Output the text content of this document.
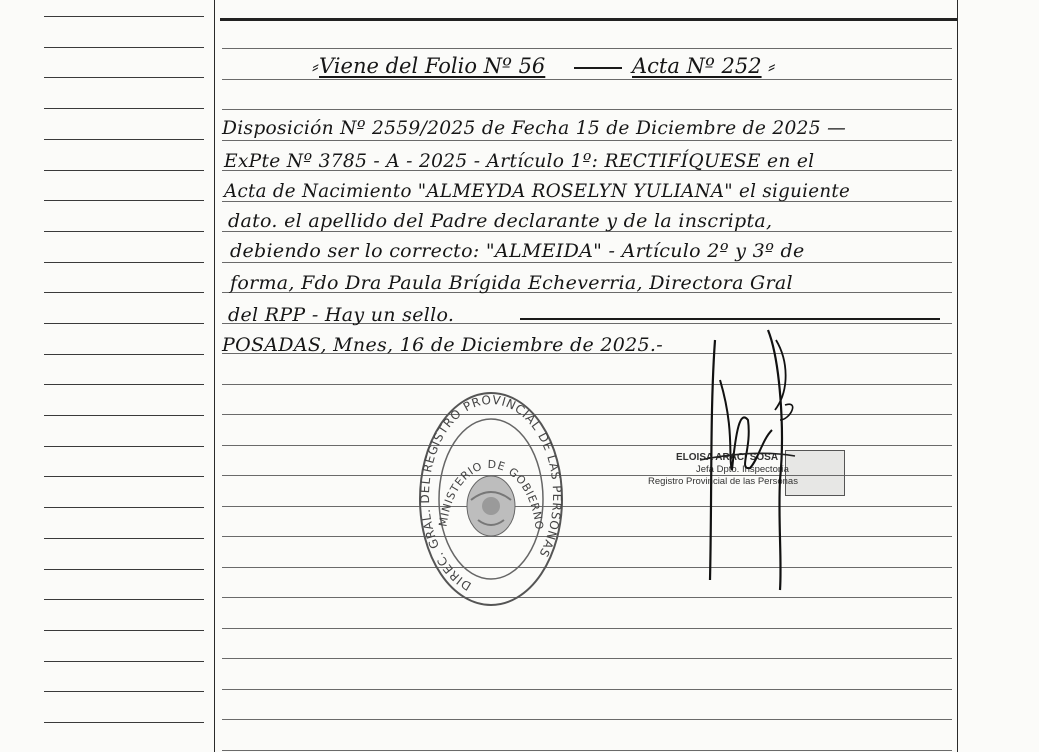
⸗Viene del Folio Nº 56	Acta Nº 252 ⸗
Disposición Nº 2559/2025 de Fecha 15 de Diciembre de 2025 —
ExPte Nº 3785 - A - 2025 - Artículo 1º: RECTIFÍQUESE en el
Acta de Nacimiento "ALMEYDA ROSELYN YULIANA" el siguiente
dato. el apellido del Padre declarante y de la inscripta,
debiendo ser lo correcto: "ALMEIDA" - Artículo 2º y 3º de
forma, Fdo Dra Paula Brígida Echeverria, Directora Gral
del RPP - Hay un sello.
POSADAS, Mnes, 16 de Diciembre de 2025.-
DIREC. GRAL. DEL REGISTRO PROVINCIAL DE LAS PERSONAS
MINISTERIO DE GOBIERNO
ELOISA ARACI SOSA
Jefa Dpto. Inspectoría
Registro Provincial de las Personas
